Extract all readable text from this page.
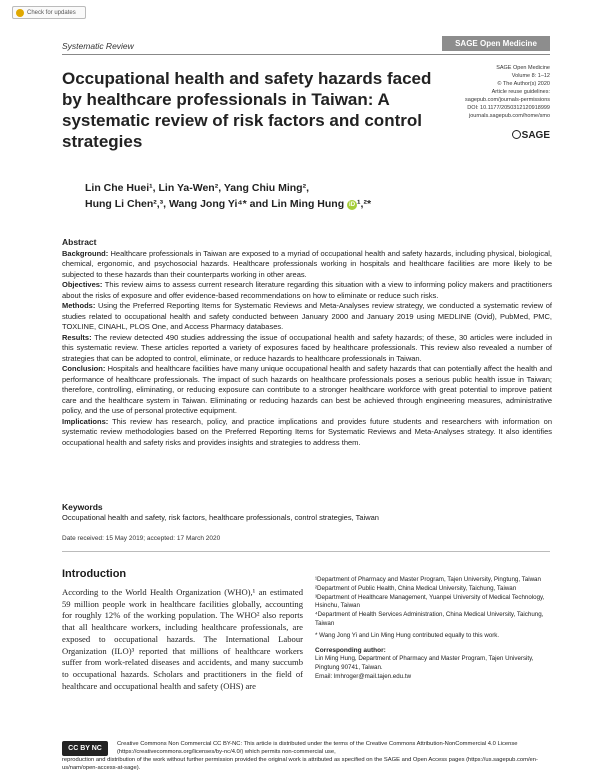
Check for updates
Systematic Review	SAGE Open Medicine
Occupational health and safety hazards faced by healthcare professionals in Taiwan: A systematic review of risk factors and control strategies
SAGE Open Medicine
Volume 8: 1–12
© The Author(s) 2020
Article reuse guidelines:
sagepub.com/journals-permissions
DOI: 10.1177/2050312120918999
journals.sagepub.com/home/smo
SAGE
Lin Che Huei¹, Lin Ya-Wen², Yang Chiu Ming²,
Hung Li Chen²,³, Wang Jong Yi⁴* and Lin Ming Hung iD ¹,²*
Abstract

Background: Healthcare professionals in Taiwan are exposed to a myriad of occupational health and safety hazards, including physical, biological, chemical, ergonomic, and psychosocial hazards. Healthcare professionals working in hospitals and healthcare facilities are more likely to be subjected to these hazards than their counterparts working in other areas.

Objectives: This review aims to assess current research literature regarding this situation with a view to informing policy makers and practitioners about the risks of exposure and offer evidence-based recommendations on how to eliminate or reduce such risks.

Methods: Using the Preferred Reporting Items for Systematic Reviews and Meta-Analyses review strategy, we conducted a systematic review of studies related to occupational health and safety conducted between January 2000 and January 2019 using MEDLINE (Ovid), PubMed, PMC, TOXLINE, CINAHL, PLOS One, and Access Pharmacy databases.

Results: The review detected 490 studies addressing the issue of occupational health and safety hazards; of these, 30 articles were included in this systematic review. These articles reported a variety of exposures faced by healthcare professionals. This review also revealed a number of strategies that can be adopted to control, eliminate, or reduce hazards to healthcare professionals in Taiwan.

Conclusion: Hospitals and healthcare facilities have many unique occupational health and safety hazards that can potentially affect the health and performance of healthcare professionals. The impact of such hazards on healthcare professionals poses a serious public health issue in Taiwan; therefore, controlling, eliminating, or reducing exposure can contribute to a stronger healthcare workforce with great potential to improve patient care and the healthcare system in Taiwan. Eliminating or reducing hazards can best be achieved through engineering measures, administrative policy, and the use of personal protective equipment.

Implications: This review has research, policy, and practice implications and provides future students and researchers with information on systematic review methodologies based on the Preferred Reporting Items for Systematic Reviews and Meta-Analyses strategy. It also identifies occupational health and safety risks and provides insights and strategies to address them.

Keywords
Occupational health and safety, risk factors, healthcare professionals, control strategies, Taiwan
Date received: 15 May 2019; accepted: 17 March 2020
Introduction

According to the World Health Organization (WHO),¹ an estimated 59 million people work in healthcare facilities globally, accounting for roughly 12% of the working population. The WHO² also reports that all healthcare workers, including healthcare professionals, are exposed to occupational hazards. The International Labour Organization (ILO)³ reported that millions of healthcare workers suffer from work-related diseases and accidents, and many succumb to occupational hazards. Scholars and practitioners in the field of healthcare and occupational health and safety (OHS) are

¹Department of Pharmacy and Master Program, Tajen University, Pingtung, Taiwan

²Department of Public Health, China Medical University, Taichung, Taiwan

³Department of Healthcare Management, Yuanpei University of Medical Technology, Hsinchu, Taiwan

⁴Department of Health Services Administration, China Medical University, Taichung, Taiwan

* Wang Jong Yi and Lin Ming Hung contributed equally to this work.

Corresponding author:

Lin Ming Hung, Department of Pharmacy and Master Program, Tajen University, Pingtung 90741, Taiwan.

Email: lmhroger@mail.tajen.edu.tw

CC BY NC
Creative Commons Non Commercial CC BY-NC: This article is distributed under the terms of the Creative Commons Attribution-NonCommercial 4.0 License (https://creativecommons.org/licenses/by-nc/4.0/) which permits non-commercial use,
reproduction and distribution of the work without further permission provided the original work is attributed as specified on the SAGE and Open Access pages (https://us.sagepub.com/en-us/nam/open-access-at-sage).
